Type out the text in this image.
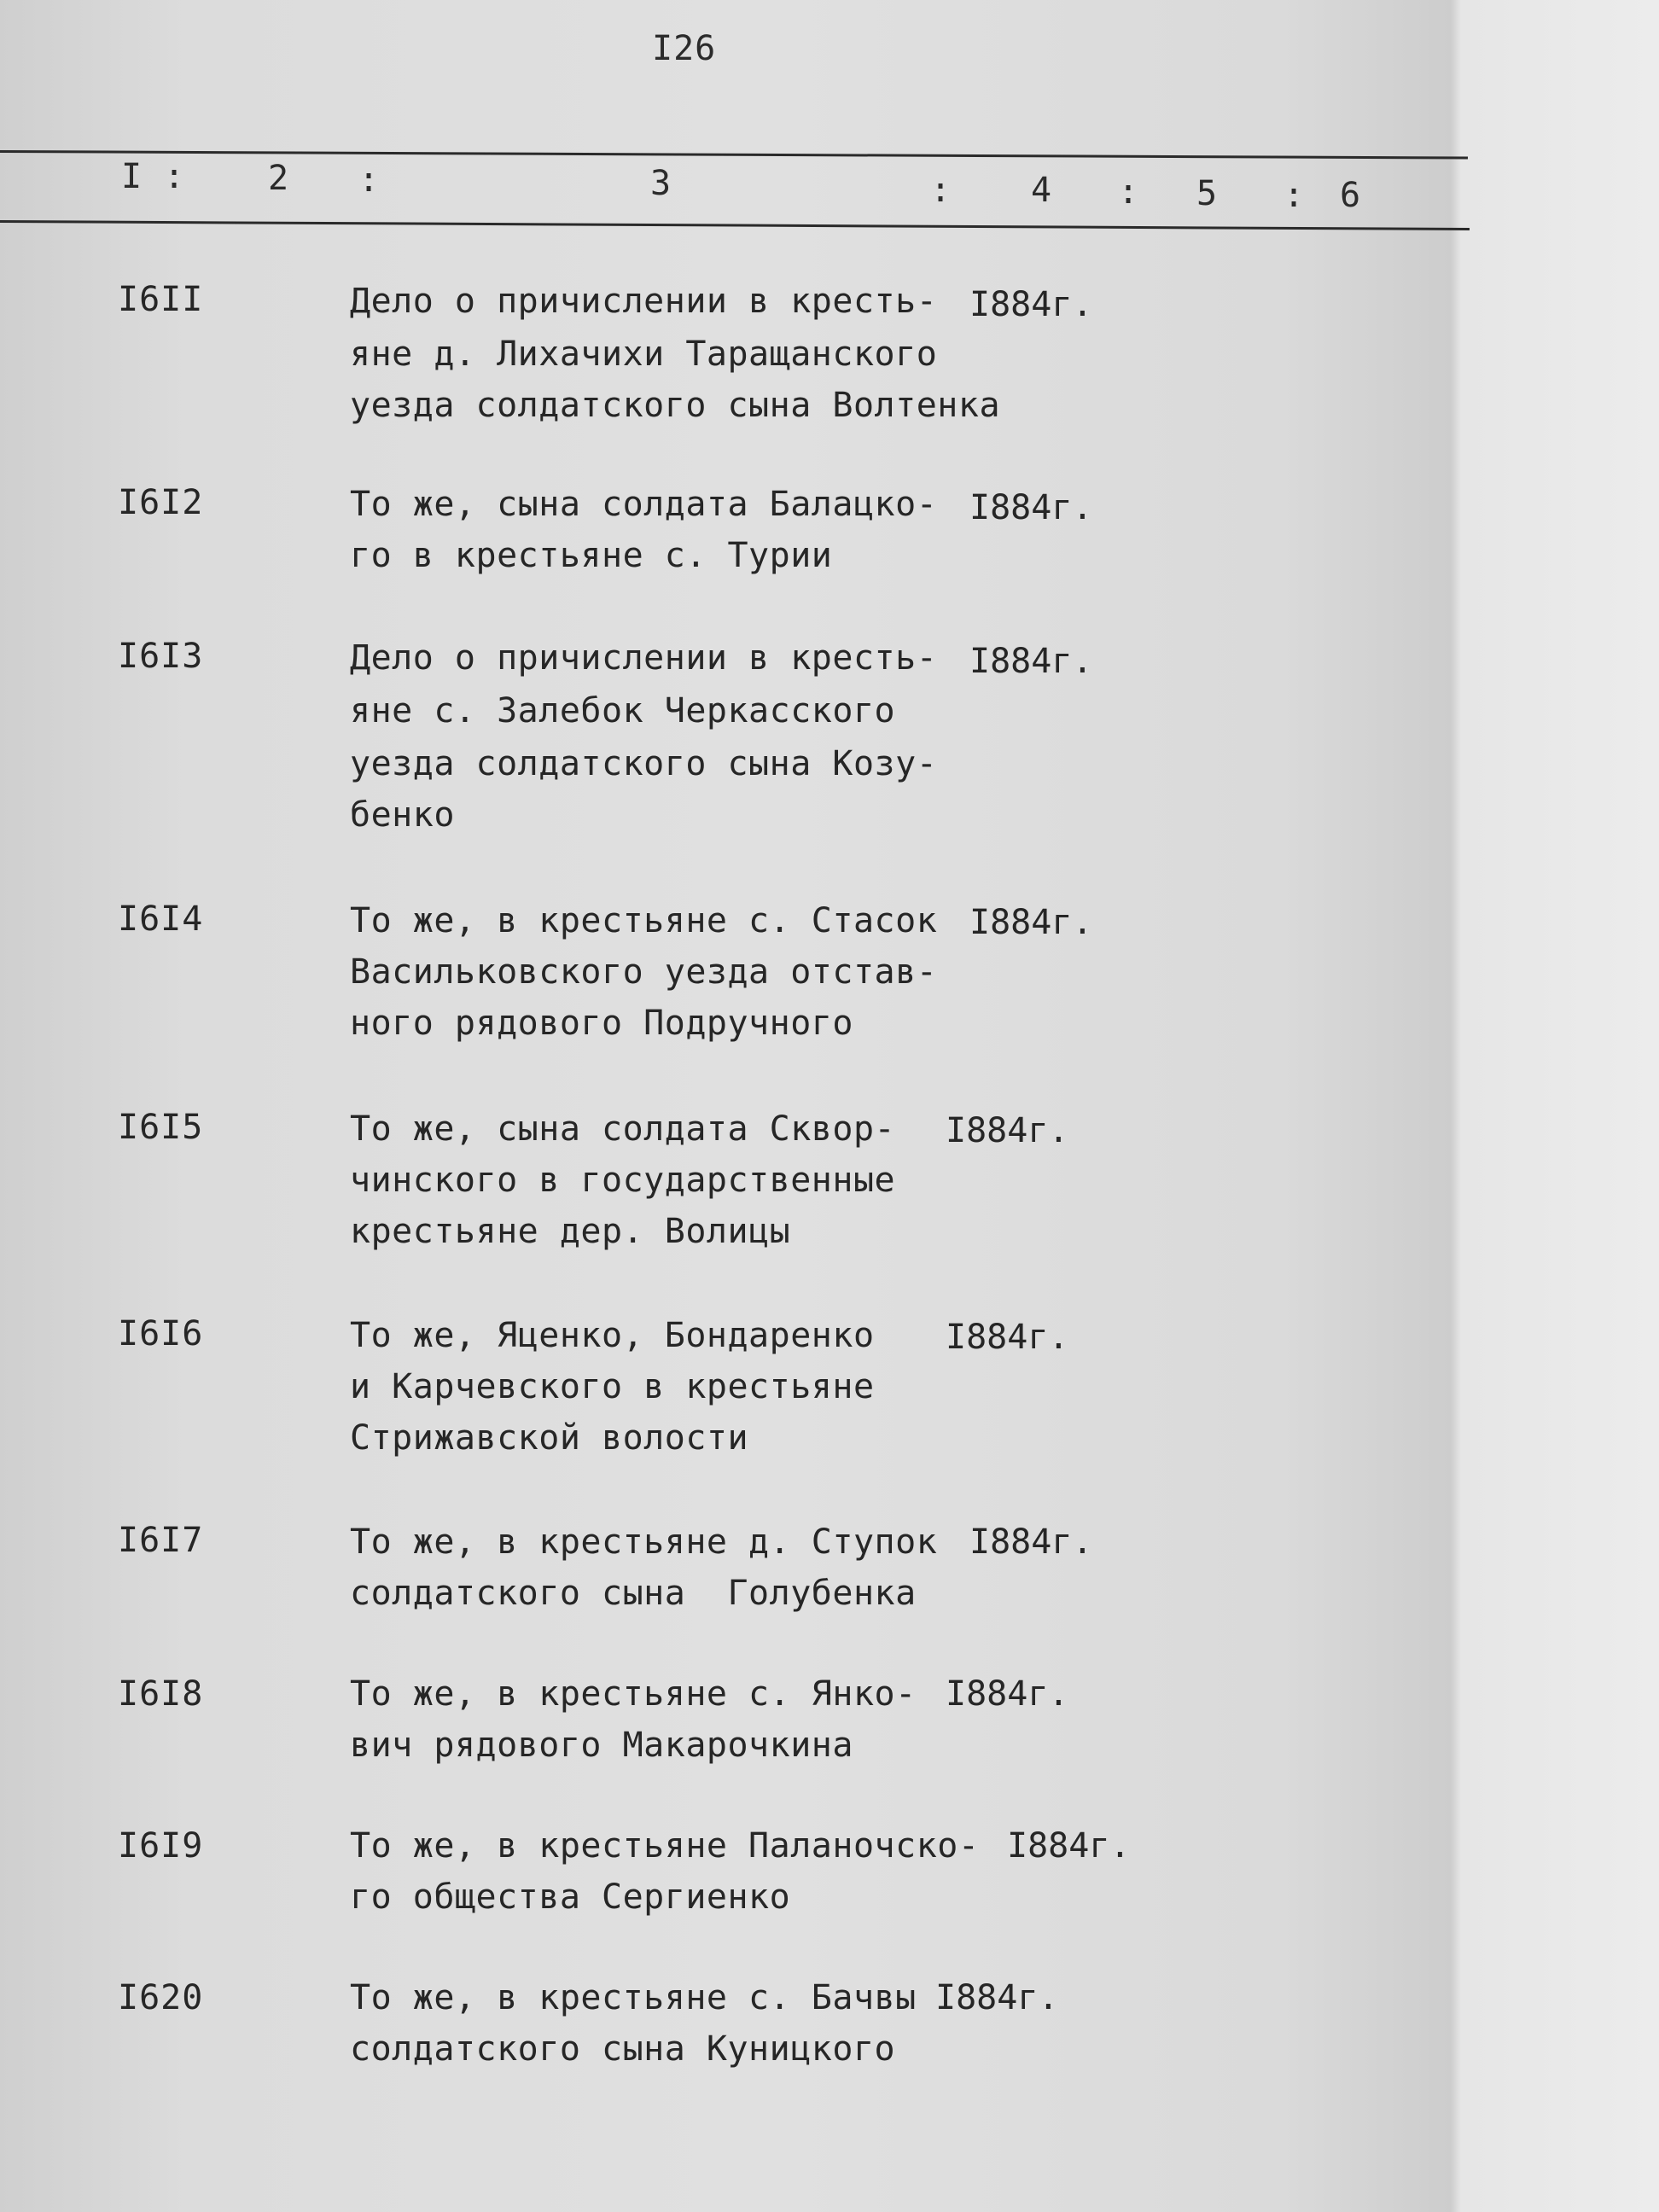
I26
I : 2 :	3	: 4 : 5 : 6
I6II	Дело о причислении в кресть-
яне д. Лихачихи Таращанского
уезда солдатского сына Волтенка
I884г.
I6I2	То же, сына солдата Балацко-
го в крестьяне с. Турии
I884г.
I6I3	Дело о причислении в кресть-
яне с. Залебок Черкасского
уезда солдатского сына Козу-
бенко
I884г.
I6I4	То же, в крестьяне с. Стасок
Васильковского уезда отстав-
ного рядового Подручного
I884г.
I6I5	То же, сына солдата Сквор-
чинского в государственные
крестьяне дер. Волицы
I884г.
I6I6	То же, Яценко, Бондаренко
и Карчевского в крестьяне
Стрижавской волости
I884г.
I6I7	То же, в крестьяне д. Ступок
солдатского сына  Голубенка
I884г.
I6I8	То же, в крестьяне с. Янко-
вич рядового Макарочкина
I884г.
I6I9	То же, в крестьяне Паланочско-
го общества Сергиенко
I884г.
I620	То же, в крестьяне с. Бачвы
солдатского сына Куницкого
I884г.
